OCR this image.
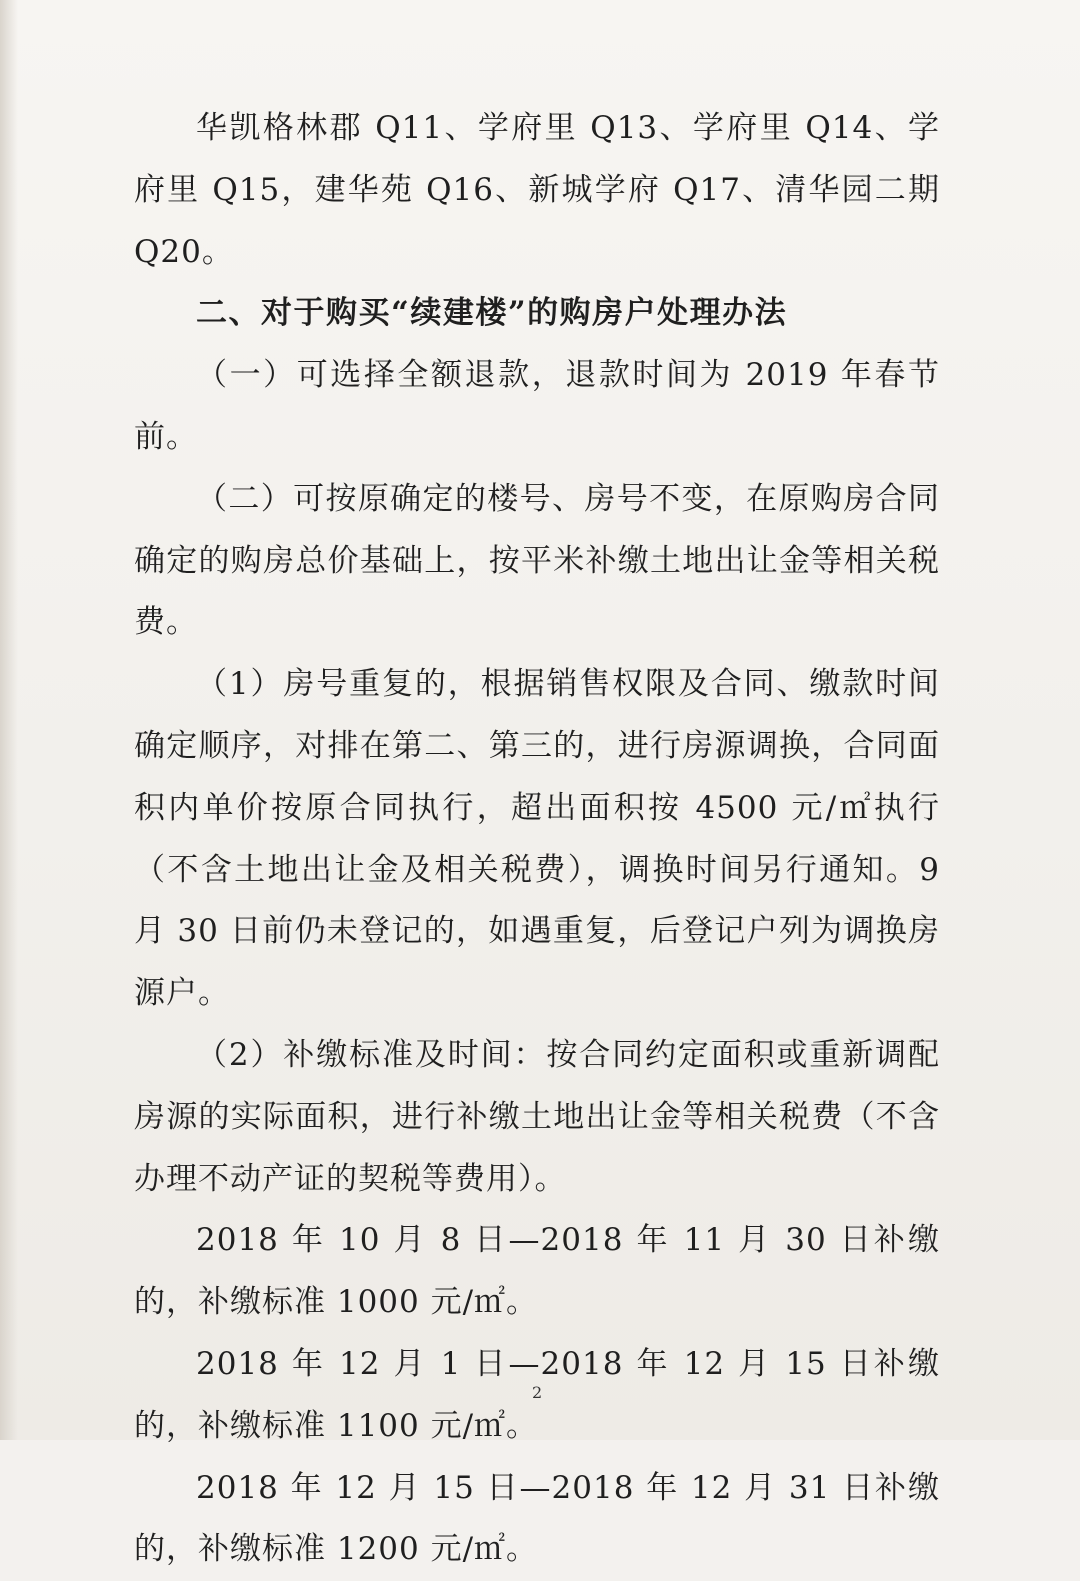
华凯格林郡 Q11、学府里 Q13、学府里 Q14、学府里 Q15，建华苑 Q16、新城学府 Q17、清华园二期 Q20。

二、对于购买“续建楼”的购房户处理办法

（一）可选择全额退款，退款时间为 2019 年春节前。

（二）可按原确定的楼号、房号不变，在原购房合同确定的购房总价基础上，按平米补缴土地出让金等相关税费。

（1）房号重复的，根据销售权限及合同、缴款时间确定顺序，对排在第二、第三的，进行房源调换，合同面积内单价按原合同执行，超出面积按 4500 元/㎡执行（不含土地出让金及相关税费），调换时间另行通知。9 月 30 日前仍未登记的，如遇重复，后登记户列为调换房源户。

（2）补缴标准及时间：按合同约定面积或重新调配房源的实际面积，进行补缴土地出让金等相关税费（不含办理不动产证的契税等费用）。

2018 年 10 月 8 日—2018 年 11 月 30 日补缴的，补缴标准 1000 元/㎡。

2018 年 12 月 1 日—2018 年 12 月 15 日补缴的，补缴标准 1100 元/㎡。

2018 年 12 月 15 日—2018 年 12 月 31 日补缴的，补缴标准 1200 元/㎡。

2
